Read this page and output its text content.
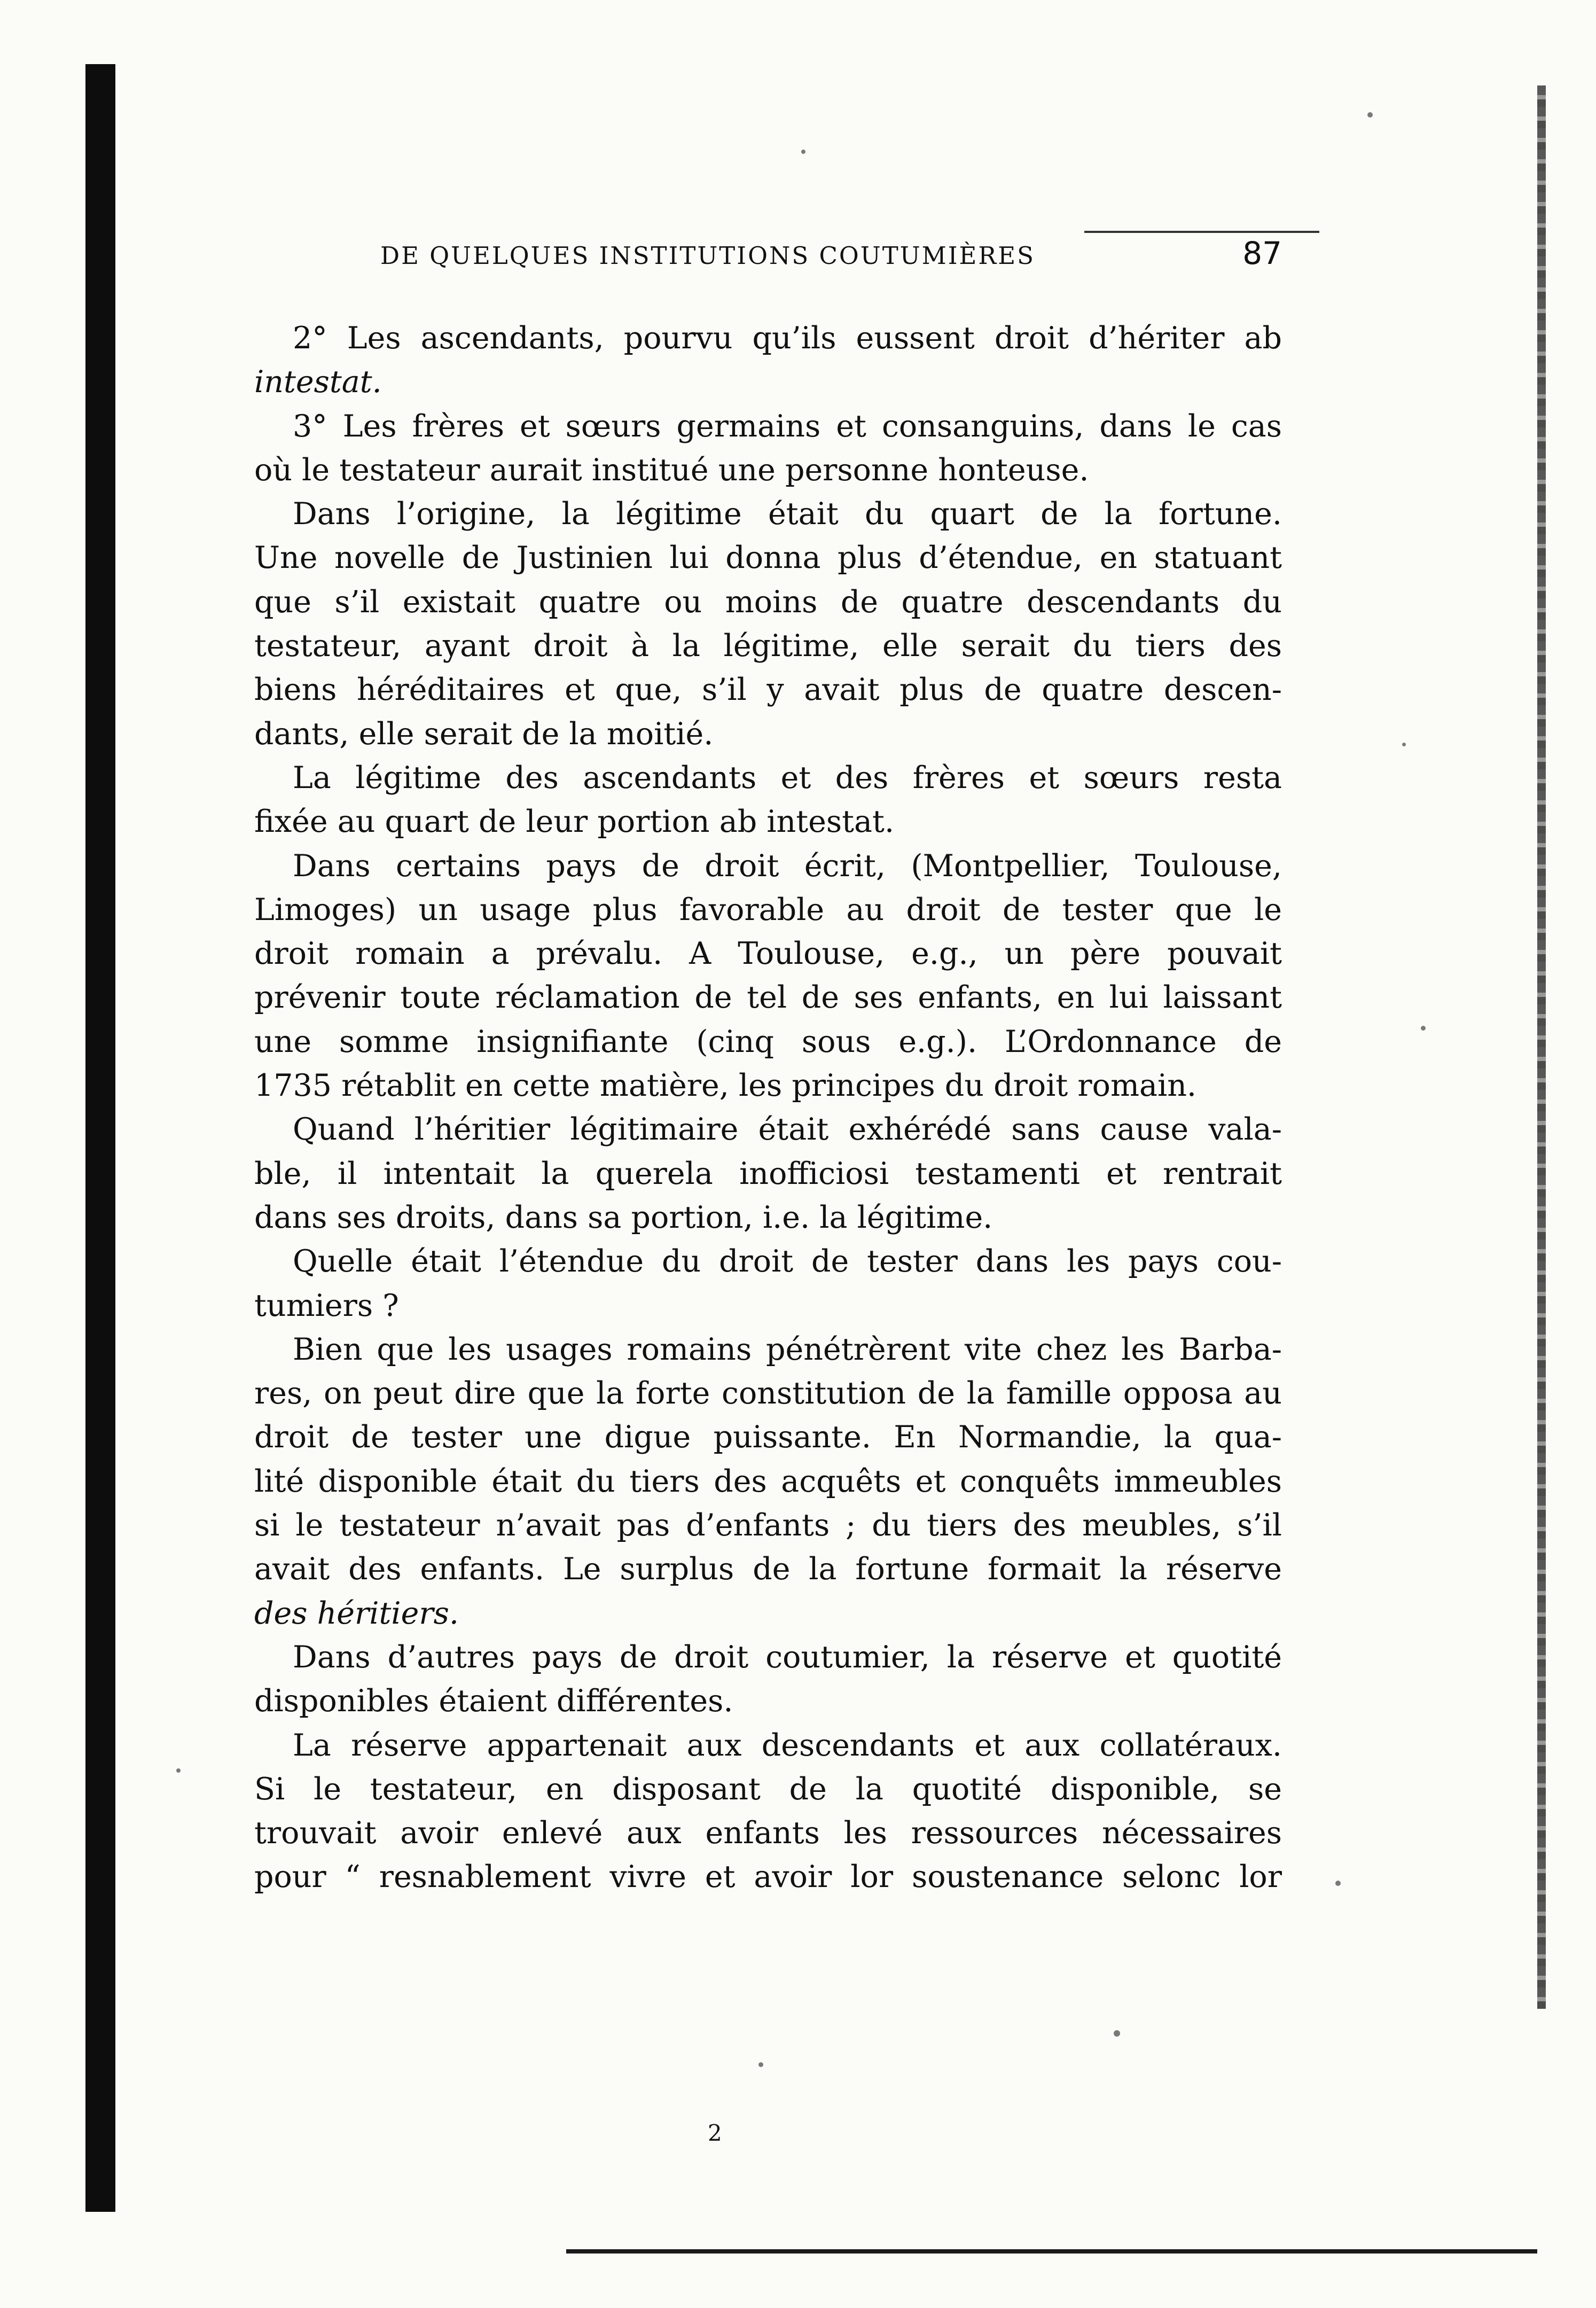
DE QUELQUES INSTITUTIONS COUTUMIÈRES	87
2° Les ascendants, pourvu qu’ils eussent droit d’hériter ab
intestat.
3° Les frères et sœurs germains et consanguins, dans le cas
où le testateur aurait institué une personne honteuse.
Dans l’origine, la légitime était du quart de la fortune.
Une novelle de Justinien lui donna plus d’étendue, en statuant
que s’il existait quatre ou moins de quatre descendants du
testateur, ayant droit à la légitime, elle serait du tiers des
biens héréditaires et que, s’il y avait plus de quatre descen-
dants, elle serait de la moitié.
La légitime des ascendants et des frères et sœurs resta
fixée au quart de leur portion ab intestat.
Dans certains pays de droit écrit, (Montpellier, Toulouse,
Limoges) un usage plus favorable au droit de tester que le
droit romain a prévalu. A Toulouse, e.g., un père pouvait
prévenir toute réclamation de tel de ses enfants, en lui laissant
une somme insignifiante (cinq sous e.g.). L’Ordonnance de
1735 rétablit en cette matière, les principes du droit romain.
Quand l’héritier légitimaire était exhérédé sans cause vala-
ble, il intentait la querela inofficiosi testamenti et rentrait
dans ses droits, dans sa portion, i.e. la légitime.
Quelle était l’étendue du droit de tester dans les pays cou-
tumiers ?
Bien que les usages romains pénétrèrent vite chez les Barba-
res, on peut dire que la forte constitution de la famille opposa au
droit de tester une digue puissante. En Normandie, la qua-
lité disponible était du tiers des acquêts et conquêts immeubles
si le testateur n’avait pas d’enfants ; du tiers des meubles, s’il
avait des enfants. Le surplus de la fortune formait la réserve
des héritiers.
Dans d’autres pays de droit coutumier, la réserve et quotité
disponibles étaient différentes.
La réserve appartenait aux descendants et aux collatéraux.
Si le testateur, en disposant de la quotité disponible, se
trouvait avoir enlevé aux enfants les ressources nécessaires
pour “ resnablement vivre et avoir lor soustenance selonc lor
2
